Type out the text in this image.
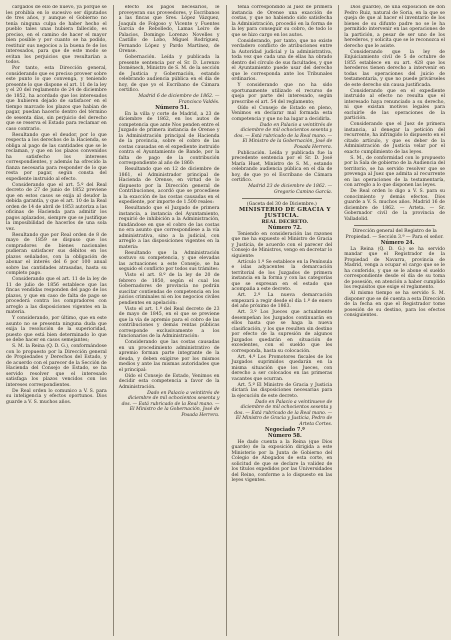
cargados de ello de nuevo, ya porque se les prohibía en lo sucesivo ser diputados de tres años, y aunque el Gobierno no tenía ninguna culpa de haber hecho el pueblo tales unas hubiera fallecido, es preciso, en el camino de hacer el mayor bien posible y por cuanto se ha podido, restituir sus negocios a la buena fe de los interesados, para que de este modo se evitan los perjuicios que resultarían a todos.

Por tanto, esta Dirección general, considerando que es preciso proveer sobre este punto lo que convenga, y teniendo presente lo que dispone el art. 11 de la ley y el 20 del reglamento de 24 de diciembre de 1852, ha acordado que los interesados que hubieren dejado de satisfacer en el tiempo marcado los plazos que habían de pagar, puedan hacerlo dentro del término de sesenta días, sin perjuicio del derecho que se reserva el Estado para reclamar en caso contrario.

Resultando que el deudor, por lo que respecta a los derechos de la Hacienda, se obliga al pago de las cantidades que se le reclaman, y que en los plazos convenidos ha satisfecho los intereses correspondientes, y además ha ofrecido la fianza necesaria para responder de lo que resta por pagar, según consta del expediente instruido al efecto.

Considerando que el art. 5.º del Real decreto de 27 de junio de 1852 previene que en estos casos se exija al deudor la debida garantía, y que el art. 10 de la Real orden de 14 de abril de 1853 autoriza a las oficinas de Hacienda para admitir los pagos aplazados, siempre que se justifique la imposibilidad de hacerlos de una sola vez.

Resultando que por Real orden de 8 de mayo de 1859 se dispuso que los compradores de bienes nacionales pudieran satisfacer sus débitos en los plazos señalados, con la obligación de abonar el interés del 6 por 100 anual sobre las cantidades atrasadas, hasta su completo pago.

Considerando que el art. 11 de la ley de 11 de julio de 1856 establece que las fincas vendidas responden del pago de los plazos, y que en caso de falta de pago se procederá contra los compradores con arreglo a las disposiciones vigentes en la materia.

Y considerando, por último, que en este asunto no se presenta ninguna duda que exija la resolución de la superioridad, puesto que está bien determinado lo que se debe hacer en casos semejantes;

S. M. la Reina (Q. D. G.), conformándose con lo propuesto por la Dirección general de Propiedades y Derechos del Estado, y de acuerdo con el parecer de la Sección de Hacienda del Consejo de Estado, se ha servido resolver que el interesado satisfaga los plazos vencidos con los intereses correspondientes.

De Real orden lo comunico a V. S. para su inteligencia y efectos oportunos. Dios guarde a V. S. muchos años.

efecto los pagos necesarios, le proveyeran sus proveedores, y Escribanos a las fincas que Sres. López Vázquez, Joaquín de Folgoso y Vicente y Fuentes García de Rebolledo, Lamas Leiro de Palacios, Domingo Lorenzo Novelles y Castillo de Lobo, Miguel Rodríguez, Fernando López y Pardo Martínez, de Orense.

Gobernación. Leída y publicada la presente sentencia por el Sr. D. Lorenzo Doménech, Ministro de S. M. de la sección de Justicia y Gobernación, estando celebrando audiencia pública en el día de hoy, de que yo el Escribano de Cámara certifico.

Madrid 6 de diciembre de 1862. — Francisco Valdés.

Número 51.

En la villa y corte de Madrid, a 23 de diciembre de 1862, en los autos de competencia que ante Nos penden entre el Juzgado de primera instancia de Orense y la Administración principal de Hacienda de la provincia, sobre el cobro de las costas causadas en el expediente instruido contra el Ayuntamiento de Bande, por la falta de pago de la contribución correspondiente al año de 1860:

Resultando que en 12 de diciembre de 1861, el Administrador principal de Hacienda de Orense, en virtud de lo dispuesto por la Dirección general de Contribuciones, acordó que se procediese a la exacción de las costas causadas en el expediente, por importe de 1.500 reales:

Resultando que el Juzgado de primera instancia, a instancia del Ayuntamiento, requirió de inhibición a la Administración, fundándose en que el cobro de las costas no era asunto que correspondiese a la vía administrativa, sino a la judicial, con arreglo a las disposiciones vigentes en la materia:

Resultando que la Administración sostuvo su competencia, y que elevadas las actuaciones a este Consejo, se ha seguido el conflicto por todos sus trámites:

Visto el art. 8.º de la ley de 20 de febrero de 1850, según el cual los Gobernadores de provincia no podrán suscitar contiendas de competencia en los juicios criminales ni en los negocios civiles pendientes en apelación:

Visto el art. 1.º del Real decreto de 23 de mayo de 1845, en el que se previene que la vía de apremio para el cobro de las contribuciones y demás rentas públicas corresponde exclusivamente a los funcionarios de la Administración:

Considerando que las costas causadas en un procedimiento administrativo de apremio forman parte integrante de la deuda, y deben exigirse por los mismos medios y ante las mismas autoridades que el principal:

Oído el Consejo de Estado, Venimos en decidir esta competencia a favor de la Administración.

Dado en Palacio a veintitrés de diciembre de mil ochocientos sesenta y dos. — Está rubricado de la Real mano. — El Ministro de la Gobernación, José de Posada Herrera.

tenía correspondido al Juez de primera instancia de Orense una exacción de costas, y que no habiendo sido satisfecha la Administración, procedió en la forma de la ley para conseguir su cobro, de todo lo que se hizo cargo en los autos.

Considerando, por tanto, que no existe verdadero conflicto de atribuciones entre la Autoridad judicial y la administrativa, toda vez que cada una de ellas ha obrado dentro del círculo de sus facultades, y que el Ayuntamiento puede usar del derecho que le corresponda ante los Tribunales ordinarios.

Y considerando que no ha sido oportunamente utilizado el recurso de queja por parte del interesado, según prescribe el art. 54 del reglamento;

Oído el Consejo de Estado en pleno, Venimos en declarar mal formada esta competencia y que no ha lugar a decidirla.

Dado en Palacio a veintitrés de diciembre de mil ochocientos sesenta y dos. — Está rubricado de la Real mano. — El Ministro de la Gobernación, José de Posada Herrera.

Publicación. Leída y publicada fue la precedente sentencia por el Sr. D. José María Huet, Ministro de S. M., estando celebrando audiencia pública en el día de hoy, de que yo el Escribano de Cámara certifico.

Madrid 23 de diciembre de 1862. — Gregorio Camino García.

(Gaceta del 30 de Diciembre.)

MINISTERIO DE GRACIA Y JUSTICIA.

REAL DECRETO.

Número 72.

Teniendo en consideración las razones que me ha expuesto el Ministro de Gracia y Justicia, de acuerdo con el parecer del Consejo de Ministros, vengo en decretar lo siguiente:

Artículo 1.º Se establece en la Península e islas adyacentes la demarcación territorial de los Juzgados de primera instancia en la forma y con las categorías que se expresan en el estado que acompaña a este decreto.

Art. 2.º La nueva demarcación empezará a regir desde el día 1.º de enero del año próximo de 1863.

Art. 3.º Los Jueces que actualmente desempeñan los Juzgados continuarán en ellos hasta que se haga la nueva clasificación, y los que resulten sin destino por efecto de la supresión de algunos Juzgados quedarán en situación de excedentes, con el sueldo que les corresponda, hasta su colocación.

Art. 4.º Los Promotores fiscales de los Juzgados suprimidos quedarán en la misma situación que los Jueces, con derecho a ser colocados en las primeras vacantes que ocurran.

Art. 5.º El Ministro de Gracia y Justicia dictará las disposiciones necesarias para la ejecución de este decreto.

Dado en Palacio a veintinueve de diciembre de mil ochocientos sesenta y dos. — Está rubricado de la Real mano. — El Ministro de Gracia y Justicia, Pedro de Arteta Cortes.

Negociado 7.º

Número 58.

He dado cuenta a la Reina (que Dios guarde) de la exposición dirigida a este Ministerio por la Junta de Gobierno del Colegio de Abogados de esta corte, en solicitud de que se declare la validez de los títulos expedidos por las Universidades del Reino, conforme a lo dispuesto en las leyes vigentes.

Dios guarde), de una exposición de don Pedro Ruiz, natural de Soria, en la que se queja de que al hacer el inventario de los bienes de su difunto padre no se le ha permitido intervenir en las operaciones de la partición, a pesar de ser uno de los herederos, y solicita que se le reconozca el derecho que le asiste.

Considerando que la ley de Enjuiciamiento civil de 5 de octubre de 1855 establece en su art. 428 que los herederos tienen derecho a intervenir en todas las operaciones del juicio de testamentaría, y que no puede privárseles de este derecho sin causa justificada.

Considerando que en el expediente instruido al efecto no resulta que el interesado haya renunciado a su derecho, ni que existan motivos legales para excluirle de las operaciones de la partición.

Considerando que el Juez de primera instancia, al denegar la petición del recurrente, ha infringido lo dispuesto en el citado artículo, y que es deber de la Administración de Justicia velar por el exacto cumplimiento de las leyes.

S. M., de conformidad con lo propuesto por la Sala de gobierno de la Audiencia del territorio, se ha servido resolver que se prevenga al Juez que admita al recurrente en las operaciones de la testamentaría, con arreglo a lo que disponen las leyes.

De Real orden lo digo a V. S. para su conocimiento y demás efectos. Dios guarde a V. S. muchos años. Madrid 16 de diciembre de 1862. — Arteta. — Sr. Gobernador civil de la provincia de Valladolid.

Dirección general del Registro de la Propiedad. — Sección 3.ª — Para el señor.

Número 24.

La Reina (Q. D. G.) se ha servido mandar que el Registrador de la Propiedad de Navarra, provincia de Madrid, venga a ocupar el cargo que se le ha conferido, y que se le abone el sueldo correspondiente desde el día de su toma de posesión, en atención a haber cumplido los requisitos que exige el reglamento.

Al mismo tiempo se ha servido S. M. disponer que se dé cuenta a esta Dirección de la fecha en que el Registrador tome posesión de su destino, para los efectos consiguientes.
